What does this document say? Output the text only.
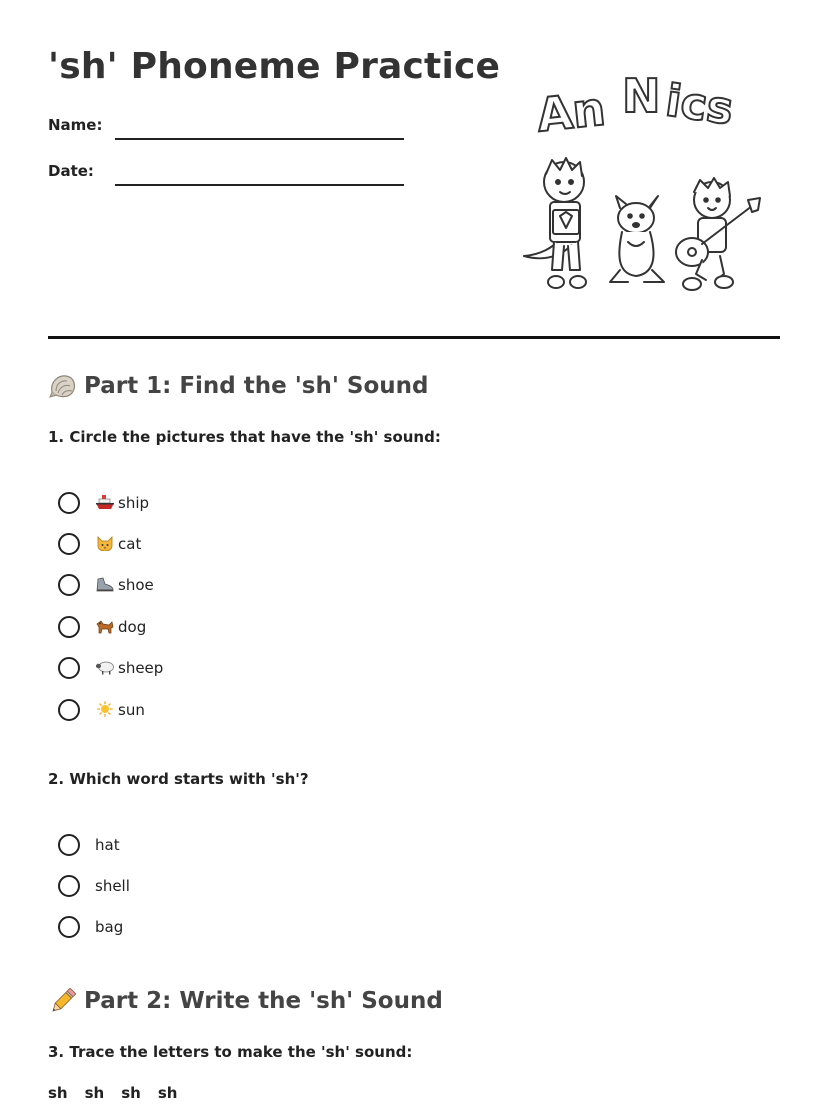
'sh' Phoneme Practice
Name:
Date:
An N ics
Part 1: Find the 'sh' Sound

1. Circle the pictures that have the 'sh' sound:

ship
cat
shoe
dog
sheep
sun

2. Which word starts with 'sh'?

hat
shell
bag
Part 2: Write the 'sh' Sound

3. Trace the letters to make the 'sh' sound:

sh sh sh sh
